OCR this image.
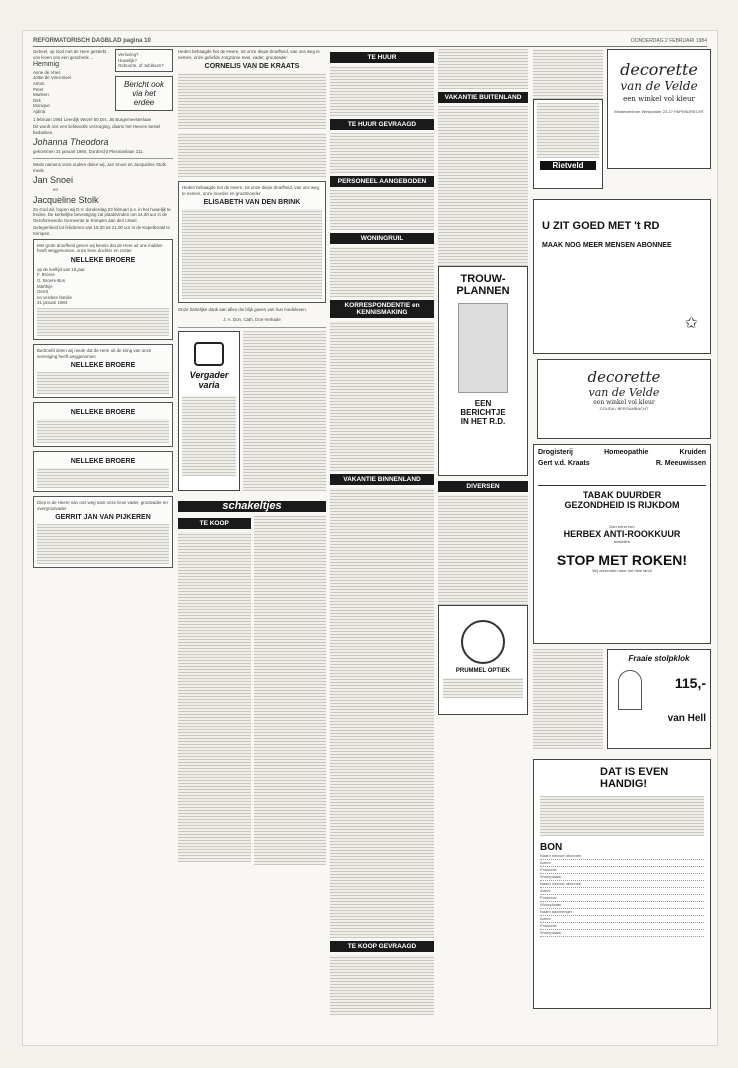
REFORMATORISCH DAGBLAD pagina 10	DONDERDAG 2 FEBRUARI 1984

Geheel, op God met de Here gesterkt ons leven ons een geschenk ...

Hemmig

Anne de Vries
Jettie de Vries-Boer
Anton
Peter
Marleen
Dirk
Monique
Ajdina

Verloving?
Huwelijk?
Geboorte, of Jubileum?
Bericht ook
via het
erdee

1 februari 1984 Leerdijk Wezel 50 Drs. JB Burgemeesterlaan

Dit wordt ons een liefdevolle verzorging, daarin het Heeren bestel bedanken.

Johanna Theodora

gekommen 31 januari 1984, Dordrecht Plesmanlaan 111.

Mede namens onze ouders delen wij, Jan Snoei en Jacqueline Stolk mede

Jan Snoei
en
Jacqueline Stolk

Zo God wil, hopen wij D.V. donderdag 23 februari a.s. in het huwelijk te treden. De kerkelijke bevestiging zal plaatsvinden om 14.30 uur in de Gereformeerde Gemeente te Krimpen aan den IJssel.

Gelegenheid tot feliciteren van 19.30 tot 21.00 uur in de Kapellezaal te Krimpen.

Met grote droefheid geven wij kennis dat de Here uit ons midden heeft weggenomen, onze lieve dochter en zuster
NELLEKE BROERE
op de leeftijd van 18 jaar
F. Broere
G. Broere-Bos
Marthije
Gerrit
en verdere familie
31 januari 1984
Bedroefd delen wij mede dat de Here uit de kring van onze vereniging heeft weggenomen
NELLEKE BROERE
NELLEKE BROERE
NELLEKE BROERE
Diep is de Heere van ons weg nam onze lieve vader, grootvader en overgrootvader
GERRIT JAN VAN PIJKEREN

Heden behaagde het de Heere, tot onze diepe droefheid, van ons weg te nemen, onze geliefde zorgzame man, vader, grootvader

CORNELIS VAN DE KRAATS
Heden behaagde het de Heere, tot onze diepe droefheid, van ons weg te nemen, onze moeder en grootmoeder
ELISABETH VAN DEN BRINK

Onze hartelijke dank aan allen die blijk gaven van hun medeleven.

J. A. Don, Cath. Don-Verkade
Vergader
varia
schakeltjes
TE KOOP
TE HUUR
TE HUUR GEVRAAGD
PERSONEEL AANGEBODEN
WONINGRUIL
KORRESPONDENTIE en KENNISMAKING
VAKANTIE BINNENLAND
TE KOOP GEVRAAGD
VAKANTIE BUITENLAND
TROUW-
PLANNEN
EEN
BERICHTJE
IN HET R.D.
DIVERSEN
PRUMMEL OPTIEK
Rietveld
decorette
van de Velde
een winkel vol kleur
Winkelcentrum Westpolder 23-27 PAPENDRECHT
U ZIT GOED MET 't RD
MAAK NOG MEER MENSEN ABONNEE
✩
decorette
van de Velde
een winkel vol kleur
GOUDA / BERGAMBACHT
Drogisterij	Homeopathie	Kruiden
Gert v.d. Kraats	R. Meeuwissen
TABAK DUURDER
GEZONDHEID IS RIJKDOM
Dan eerst een
HERBEX ANTI-ROOKKUUR
bestellen
STOP MET ROKEN!
Wij verzenden door het hele land!
Fraaie stolpklok
115,-
van Hell
DAT IS EVEN HANDIG!
BON
Naam nieuwe abonnee
Adres
Postcode
Woonplaats
Naam nieuwe abonnee
Adres
Postcode
Woonplaats
Naam aanbrenger
Adres
Postcode
Woonplaats
